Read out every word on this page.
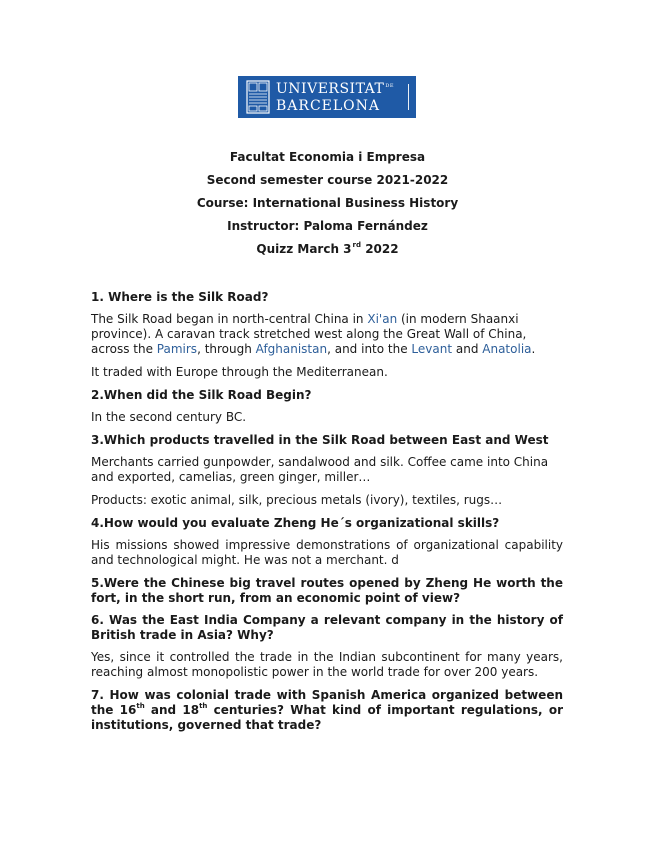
UNIVERSITAT DE
BARCELONA
Facultat Economia i Empresa
Second semester course 2021-2022
Course: International Business History
Instructor: Paloma Fernández
Quizz March 3rd 2022
1. Where is the Silk Road?
The Silk Road began in north-central China in Xi'an (in modern Shaanxi province). A caravan track stretched west along the Great Wall of China, across the Pamirs, through Afghanistan, and into the Levant and Anatolia.
It traded with Europe through the Mediterranean.
2.When did the Silk Road Begin?
In the second century BC.
3.Which products travelled in the Silk Road between East and West
Merchants carried gunpowder, sandalwood and silk. Coffee came into China and exported, camelias, green ginger, miller…
Products: exotic animal, silk, precious metals (ivory), textiles, rugs…
4.How would you evaluate Zheng He´s organizational skills?
His missions showed impressive demonstrations of organizational capability and technological might. He was not a merchant. d
5.Were the Chinese big travel routes opened by Zheng He worth the fort, in the short run, from an economic point of view?
6. Was the East India Company a relevant company in the history of British trade in Asia? Why?
Yes, since it controlled the trade in the Indian subcontinent for many years, reaching almost monopolistic power in the world trade for over 200 years.
7. How was colonial trade with Spanish America organized between the 16th and 18th centuries? What kind of important regulations, or institutions, governed that trade?
